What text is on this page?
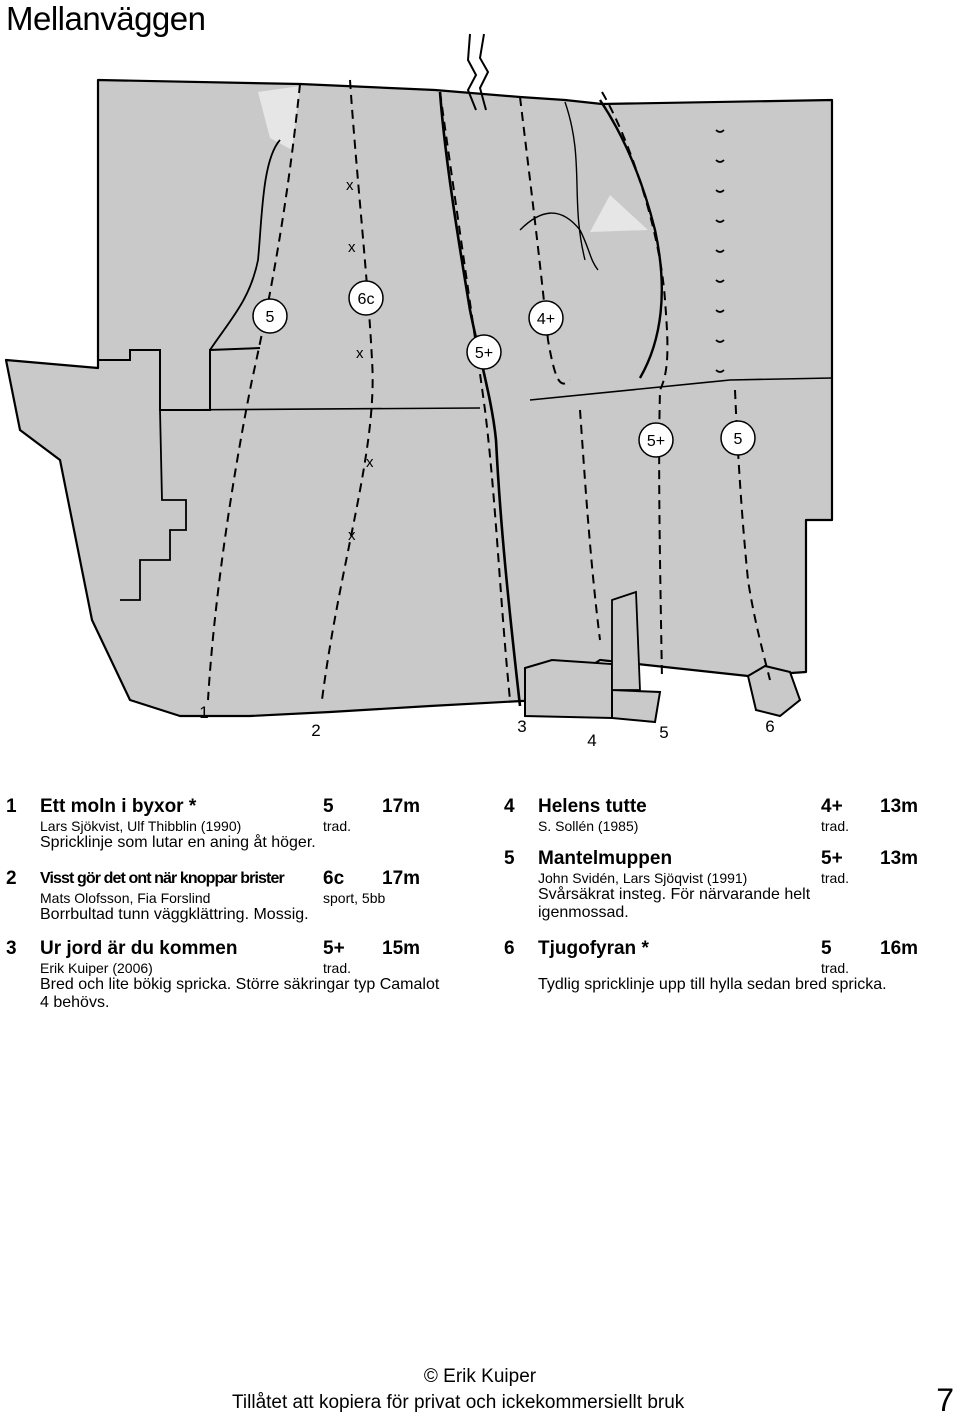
Mellanväggen
x
x
x
x
x
5
6c
5+
4+
5+	5
1
2	3
4	5	6
1 Ett moln i byxor *	5	17m
Lars Sjökvist, Ulf Thibblin (1990)	trad.
Spricklinje som lutar en aning åt höger.
2 Visst gör det ont när knoppar brister 6c 17m
Mats Olofsson, Fia Forslind	sport, 5bb
Borrbultad tunn väggklättring. Mossig.
3 Ur jord är du kommen	5+ 15m
Erik Kuiper (2006)	trad.
Bred och lite bökig spricka. Större säkringar typ Camalot 4 behövs.
4 Helens tutte	4+ 13m
S. Sollén (1985)	trad.
5 Mantelmuppen	5+ 13m
John Svidén, Lars Sjöqvist (1991)	trad.
Svårsäkrat insteg. För närvarande helt igenmossad.
6 Tjugofyran *	5	16m
trad.
Tydlig spricklinje upp till hylla sedan bred spricka.
© Erik Kuiper
Tillåtet att kopiera för privat och ickekommersiellt bruk	7
